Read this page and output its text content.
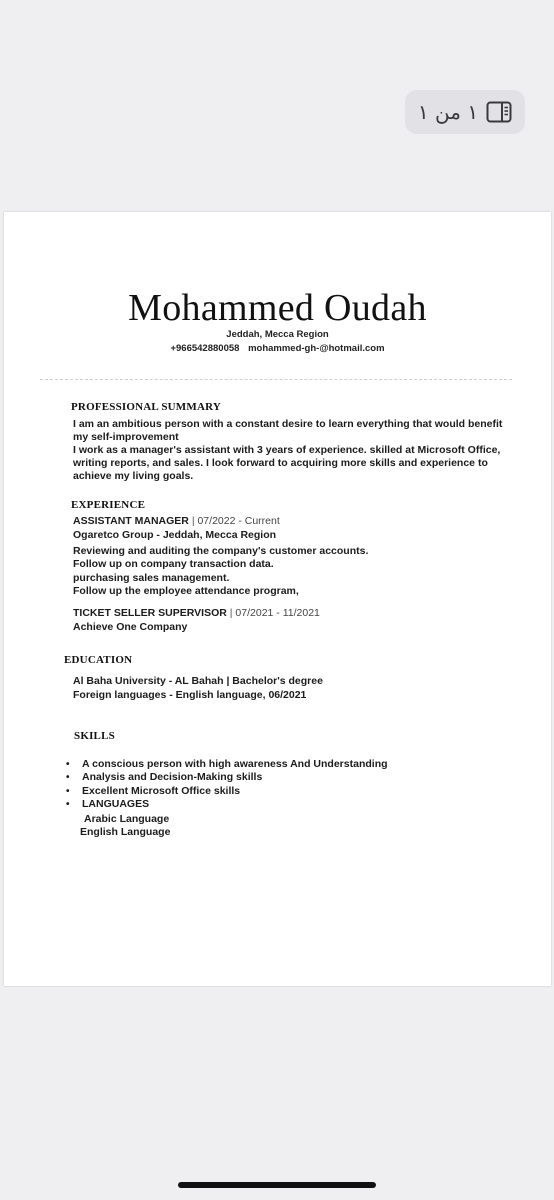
١ من ١
Mohammed Oudah
Jeddah, Mecca Region
+966542880058 mohammed-gh-@hotmail.com
PROFESSIONAL SUMMARY
I am an ambitious person with a constant desire to learn everything that would benefit my self-improvement
I work as a manager's assistant with 3 years of experience. skilled at Microsoft Office, writing reports, and sales. I look forward to acquiring more skills and experience to achieve my living goals.
EXPERIENCE
ASSISTANT MANAGER | 07/2022 - Current
Ogaretco Group - Jeddah, Mecca Region
Reviewing and auditing the company's customer accounts.
Follow up on company transaction data.
purchasing sales management.
Follow up the employee attendance program,
TICKET SELLER SUPERVISOR | 07/2021 - 11/2021
Achieve One Company
EDUCATION
Al Baha University - AL Bahah | Bachelor's degree
Foreign languages - English language, 06/2021
SKILLS
• A conscious person with high awareness And Understanding
• Analysis and Decision-Making skills
• Excellent Microsoft Office skills
• LANGUAGES
Arabic Language
English Language
